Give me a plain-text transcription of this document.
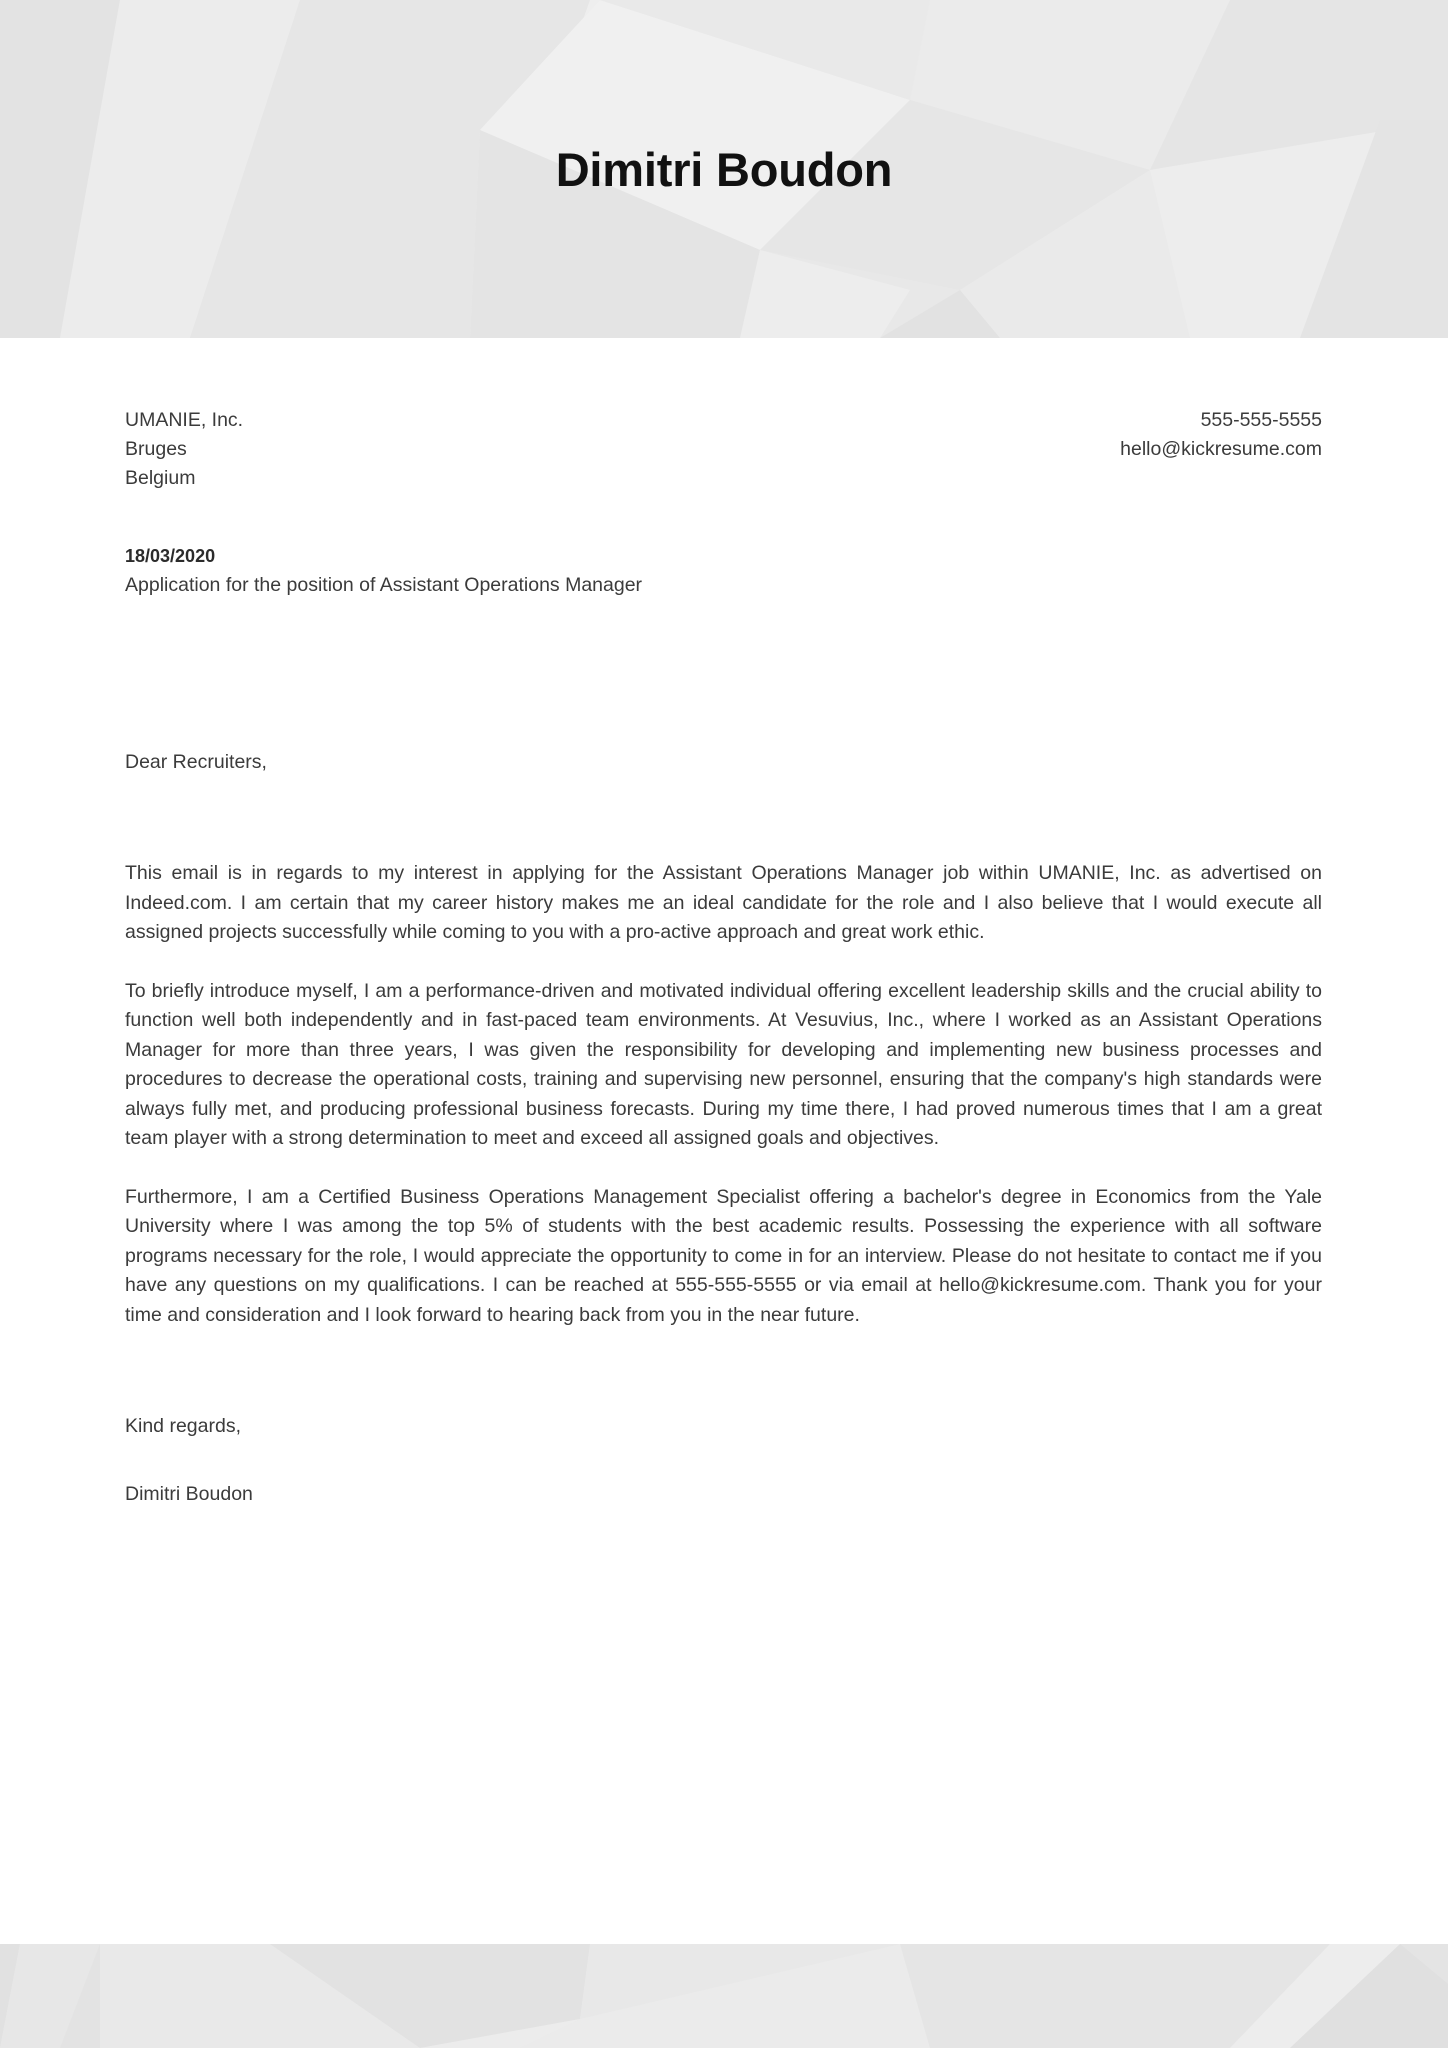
Dimitri Boudon
UMANIE, Inc.
Bruges
Belgium
555-555-5555
hello@kickresume.com
18/03/2020
Application for the position of Assistant Operations Manager
Dear Recruiters,

This email is in regards to my interest in applying for the Assistant Operations Manager job within UMANIE, Inc. as advertised on Indeed.com. I am certain that my career history makes me an ideal candidate for the role and I also believe that I would execute all assigned projects successfully while coming to you with a pro-active approach and great work ethic.

To briefly introduce myself, I am a performance-driven and motivated individual offering excellent leadership skills and the crucial ability to function well both independently and in fast-paced team environments. At Vesuvius, Inc., where I worked as an Assistant Operations Manager for more than three years, I was given the responsibility for developing and implementing new business processes and procedures to decrease the operational costs, training and supervising new personnel, ensuring that the company's high standards were always fully met, and producing professional business forecasts. During my time there, I had proved numerous times that I am a great team player with a strong determination to meet and exceed all assigned goals and objectives.

Furthermore, I am a Certified Business Operations Management Specialist offering a bachelor's degree in Economics from the Yale University where I was among the top 5% of students with the best academic results. Possessing the experience with all software programs necessary for the role, I would appreciate the opportunity to come in for an interview. Please do not hesitate to contact me if you have any questions on my qualifications. I can be reached at 555-555-5555 or via email at hello@kickresume.com. Thank you for your time and consideration and I look forward to hearing back from you in the near future.

Kind regards,
Dimitri Boudon
